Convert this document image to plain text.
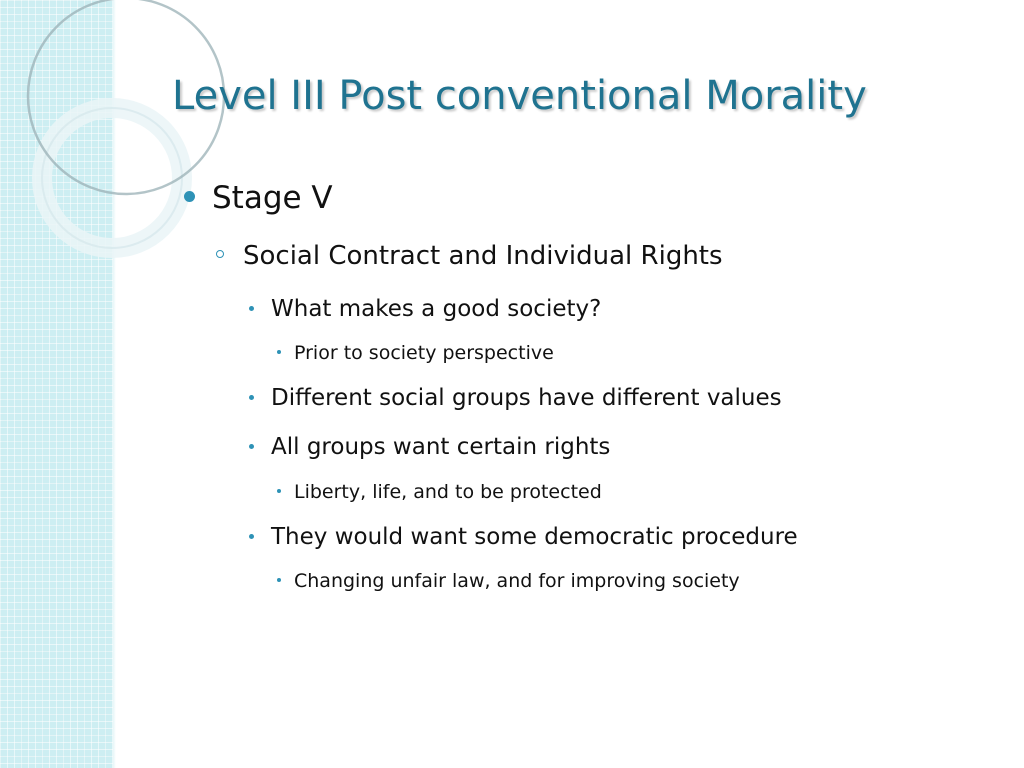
Level III Post conventional Morality
Stage V
Social Contract and Individual Rights
What makes a good society?
Prior to society perspective
Different social groups have different values
All groups want certain rights
Liberty, life, and to be protected
They would want some democratic procedure
Changing unfair law, and for improving society
